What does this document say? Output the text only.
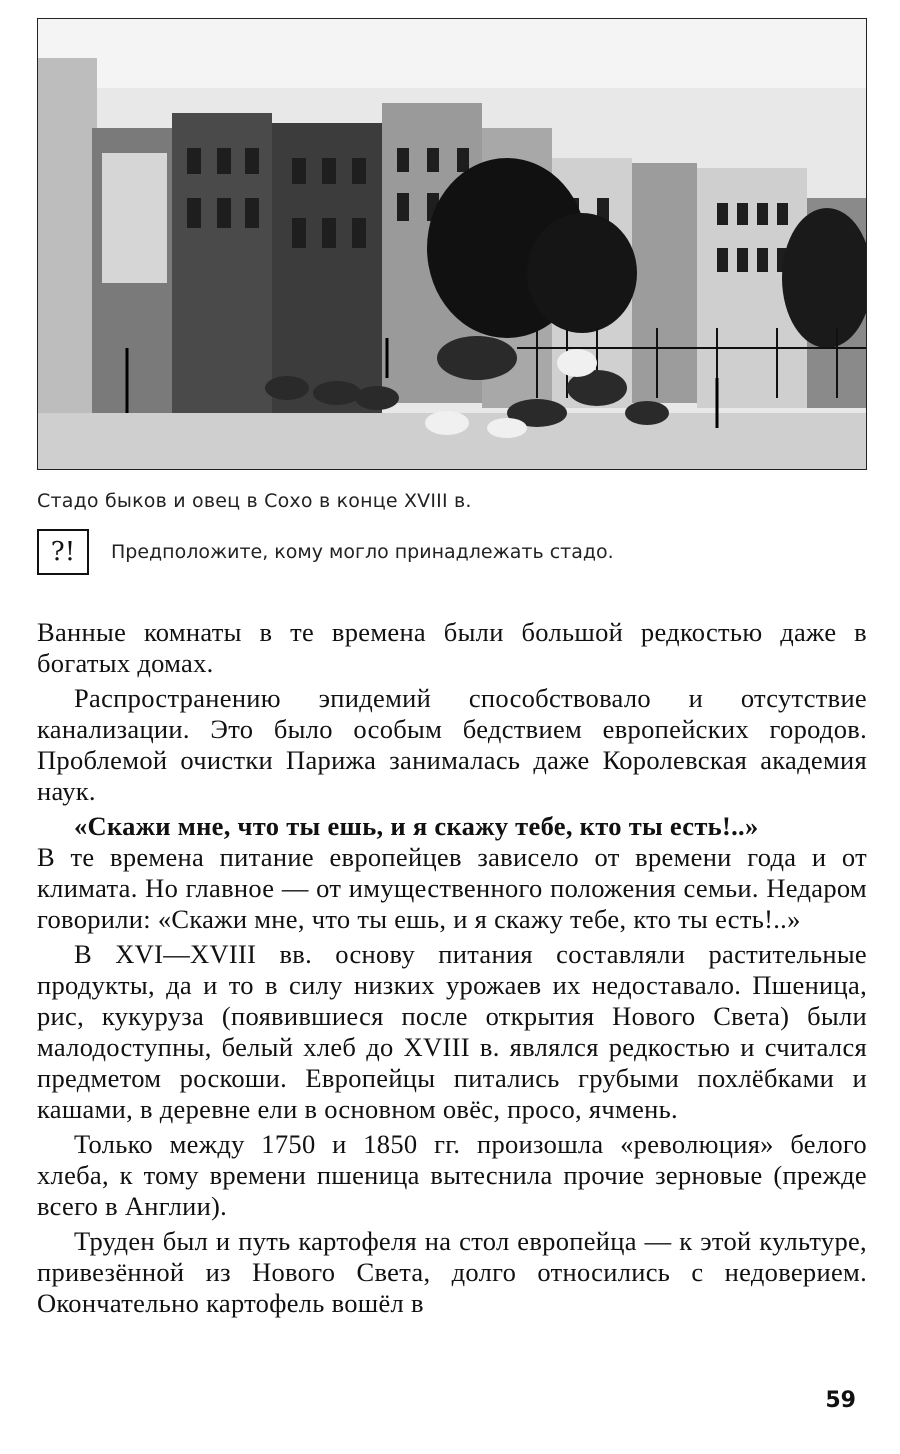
Стадо быков и овец в Сохо в конце XVIII в.
?!	Предположите, кому могло принадлежать стадо.

Ванные комнаты в те времена были большой редкостью даже в богатых домах.

Распространению эпидемий способствовало и отсутствие канализации. Это было особым бедствием европейских городов. Проблемой очистки Парижа занималась даже Королевская академия наук.

«Скажи мне, что ты ешь, и я скажу тебе, кто ты есть!..»

В те времена питание европейцев зависело от времени года и от климата. Но главное — от имущественного положения семьи. Недаром говорили: «Скажи мне, что ты ешь, и я скажу тебе, кто ты есть!..»

В XVI—XVIII вв. основу питания составляли растительные продукты, да и то в силу низких урожаев их недоставало. Пшеница, рис, кукуруза (появившиеся после открытия Нового Света) были малодоступны, белый хлеб до XVIII в. являлся редкостью и считался предметом роскоши. Европейцы питались грубыми похлёбками и кашами, в деревне ели в основном овёс, просо, ячмень.

Только между 1750 и 1850 гг. произошла «революция» белого хлеба, к тому времени пшеница вытеснила прочие зерновые (прежде всего в Англии).

Труден был и путь картофеля на стол европейца — к этой культуре, привезённой из Нового Света, долго относились с недоверием. Окончательно картофель вошёл в

59
